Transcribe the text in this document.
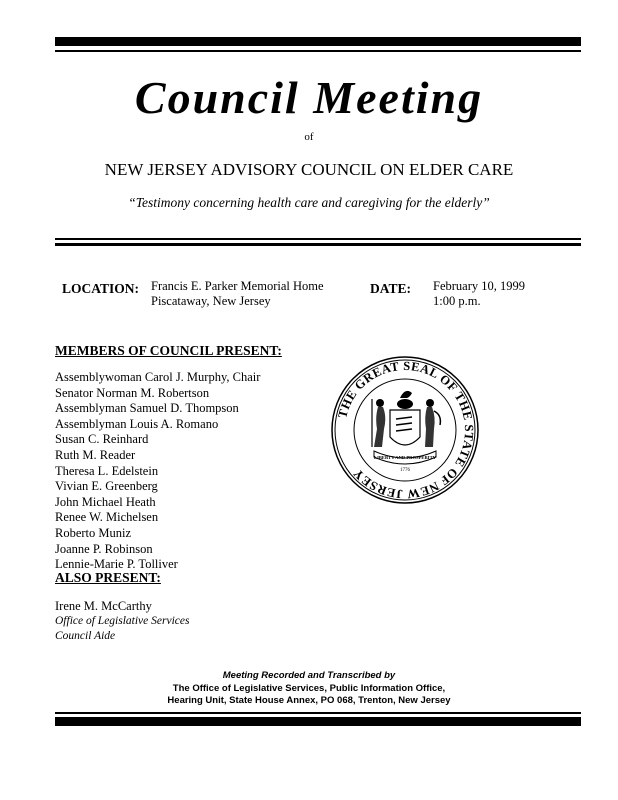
Council Meeting
of
NEW JERSEY ADVISORY COUNCIL ON ELDER CARE
“Testimony concerning health care and caregiving for the elderly”
LOCATION: Francis E. Parker Memorial Home
Piscataway, New Jersey
DATE: February 10, 1999
1:00 p.m.
MEMBERS OF COUNCIL PRESENT:
Assemblywoman Carol J. Murphy, Chair
Senator Norman M. Robertson
Assemblyman Samuel D. Thompson
Assemblyman Louis A. Romano
Susan C. Reinhard
Ruth M. Reader
Theresa L. Edelstein
Vivian E. Greenberg
John Michael Heath
Renee W. Michelsen
Roberto Muniz
Joanne P. Robinson
Lennie-Marie P. Tolliver
ALSO PRESENT:
Irene M. McCarthy
Office of Legislative Services
Council Aide
THE GREAT SEAL OF THE STATE OF NEW JERSEY
LIBERTY AND PROSPERITY
1776
Meeting Recorded and Transcribed by
The Office of Legislative Services, Public Information Office,
Hearing Unit, State House Annex, PO 068, Trenton, New Jersey
